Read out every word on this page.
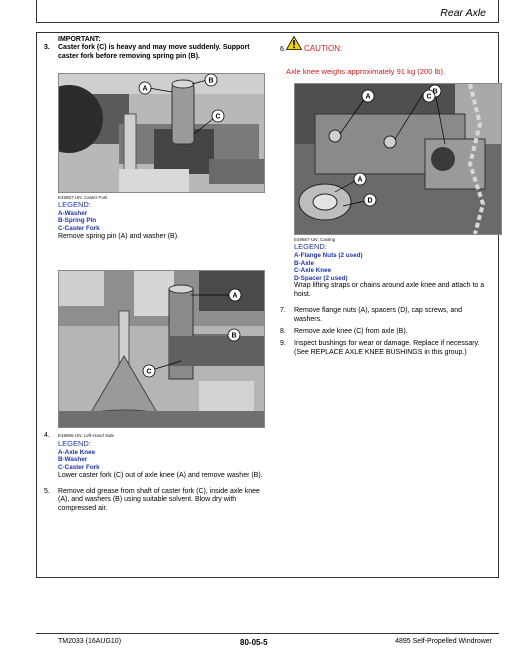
Rear Axle
IMPORTANT:
3. Caster fork (C) is heavy and may move suddenly. Support caster fork before removing spring pin (B).
A
B
C
E49867-UN: Caster Fork
LEGEND:
A-Washer
B-Spring Pin
C-Caster Fork
Remove spring pin (A) and washer (B).
A
B
C
4. E49865-UN: Left-Hand Side
LEGEND:
A-Axle Knee
B-Washer
C-Caster Fork
Lower caster fork (C) out of axle knee (A) and remove washer (B).
5. Remove old grease from shaft of caster fork (C), inside axle knee (A), and washers (B) using suitable solvent. Blow dry with compressed air.
6. CAUTION:
Axle knee weighs approximately 91 kg (200 lb).
A
B
C
A
D
E49867-UN: Casting
LEGEND:
A-Flange Nuts (2 used)
B-Axle
C-Axle Knee
D-Spacer (2 used)
Wrap lifting straps or chains around axle knee and attach to a hoist.
7. Remove flange nuts (A), spacers (D), cap screws, and washers.
8. Remove axle knee (C) from axle (B).
9. Inspect bushings for wear or damage. Replace if necessary. (See REPLACE AXLE KNEE BUSHINGS in this group.)
TM2033 (16AUG10)	80-05-5	4895 Self-Propelled Windrower
